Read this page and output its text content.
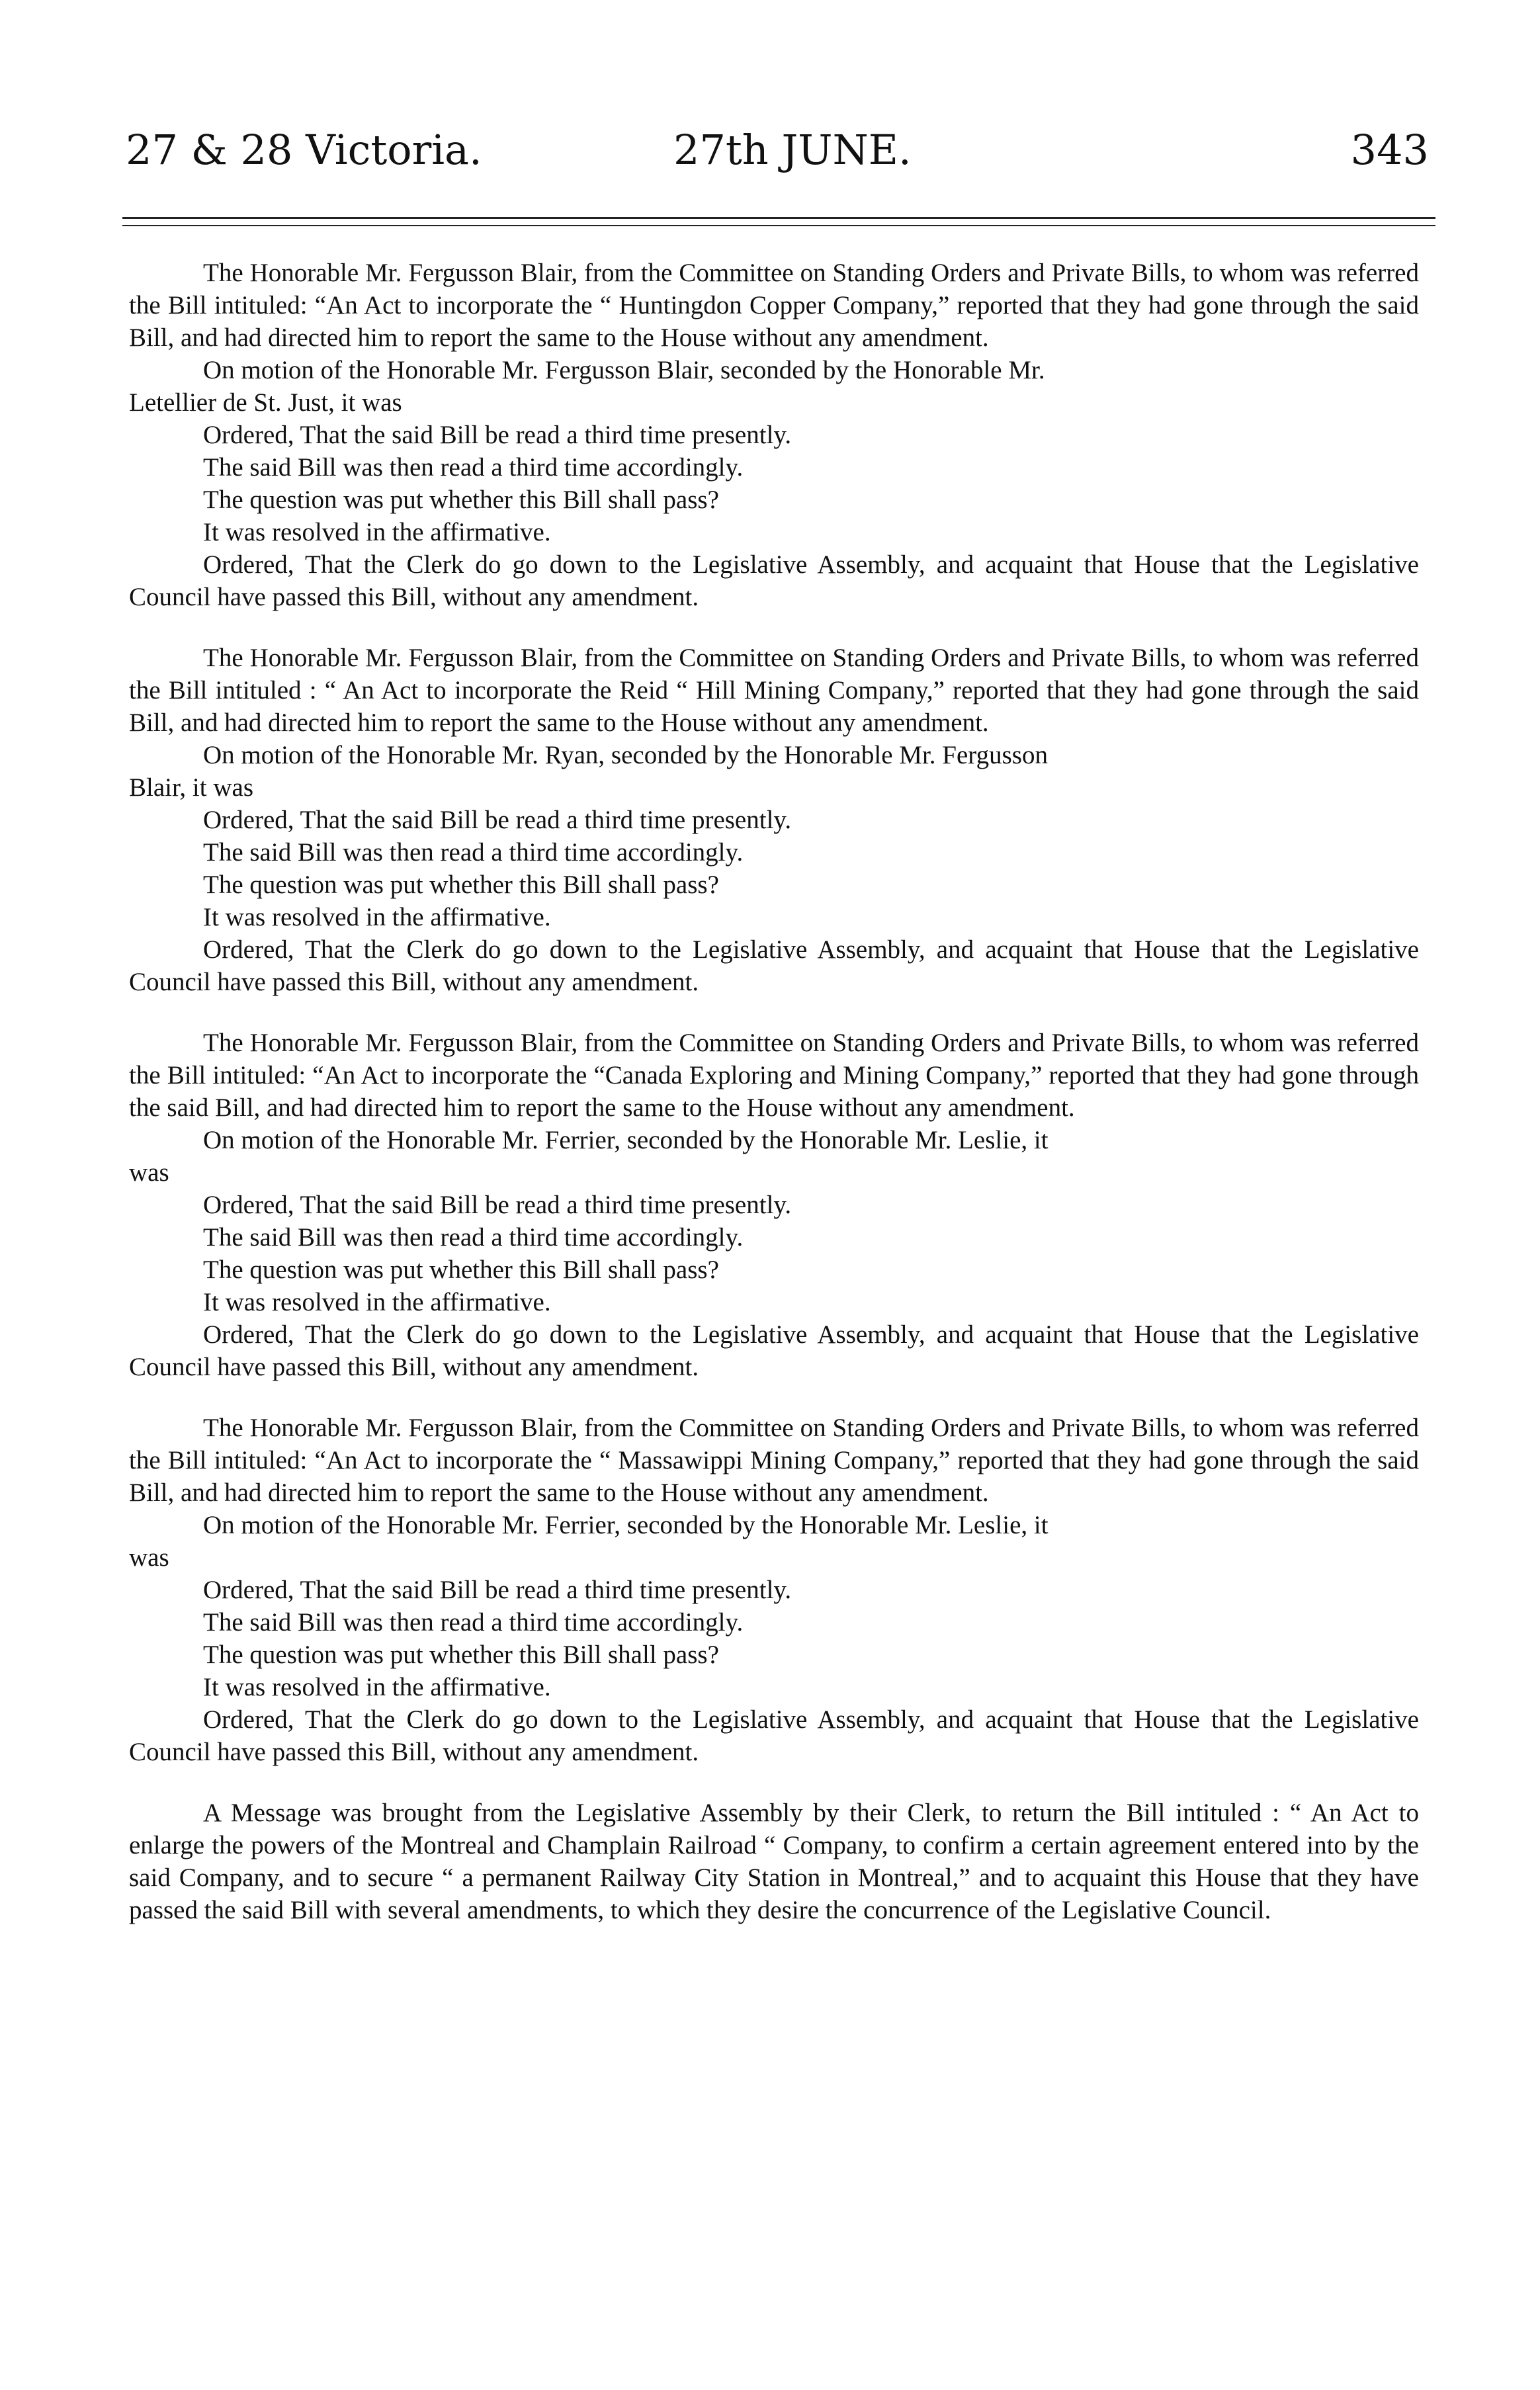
27 & 28 Victoria.	27th JUNE.	343

The Honorable Mr. Fergusson Blair, from the Committee on Standing Orders and Private Bills, to whom was referred the Bill intituled: “An Act to incorporate the “ Huntingdon Copper Company,” reported that they had gone through the said Bill, and had directed him to report the same to the House without any amendment.

On motion of the Honorable Mr. Fergusson Blair, seconded by the Honorable Mr.

Letellier de St. Just, it was

Ordered, That the said Bill be read a third time presently.

The said Bill was then read a third time accordingly.

The question was put whether this Bill shall pass?

It was resolved in the affirmative.

Ordered, That the Clerk do go down to the Legislative Assembly, and acquaint that House that the Legislative Council have passed this Bill, without any amendment.

The Honorable Mr. Fergusson Blair, from the Committee on Standing Orders and Private Bills, to whom was referred the Bill intituled : “ An Act to incorporate the Reid “ Hill Mining Company,” reported that they had gone through the said Bill, and had directed him to report the same to the House without any amendment.

On motion of the Honorable Mr. Ryan, seconded by the Honorable Mr. Fergusson

Blair, it was

Ordered, That the said Bill be read a third time presently.

The said Bill was then read a third time accordingly.

The question was put whether this Bill shall pass?

It was resolved in the affirmative.

Ordered, That the Clerk do go down to the Legislative Assembly, and acquaint that House that the Legislative Council have passed this Bill, without any amendment.

The Honorable Mr. Fergusson Blair, from the Committee on Standing Orders and Private Bills, to whom was referred the Bill intituled: “An Act to incorporate the “Canada Exploring and Mining Company,” reported that they had gone through the said Bill, and had directed him to report the same to the House without any amendment.

On motion of the Honorable Mr. Ferrier, seconded by the Honorable Mr. Leslie, it

was

Ordered, That the said Bill be read a third time presently.

The said Bill was then read a third time accordingly.

The question was put whether this Bill shall pass?

It was resolved in the affirmative.

Ordered, That the Clerk do go down to the Legislative Assembly, and acquaint that House that the Legislative Council have passed this Bill, without any amendment.

The Honorable Mr. Fergusson Blair, from the Committee on Standing Orders and Private Bills, to whom was referred the Bill intituled: “An Act to incorporate the “ Massawippi Mining Company,” reported that they had gone through the said Bill, and had directed him to report the same to the House without any amendment.

On motion of the Honorable Mr. Ferrier, seconded by the Honorable Mr. Leslie, it

was

Ordered, That the said Bill be read a third time presently.

The said Bill was then read a third time accordingly.

The question was put whether this Bill shall pass?

It was resolved in the affirmative.

Ordered, That the Clerk do go down to the Legislative Assembly, and acquaint that House that the Legislative Council have passed this Bill, without any amendment.

A Message was brought from the Legislative Assembly by their Clerk, to return the Bill intituled : “ An Act to enlarge the powers of the Montreal and Champlain Railroad “ Company, to confirm a certain agreement entered into by the said Company, and to secure “ a permanent Railway City Station in Montreal,” and to acquaint this House that they have passed the said Bill with several amendments, to which they desire the concurrence of the Legislative Council.
